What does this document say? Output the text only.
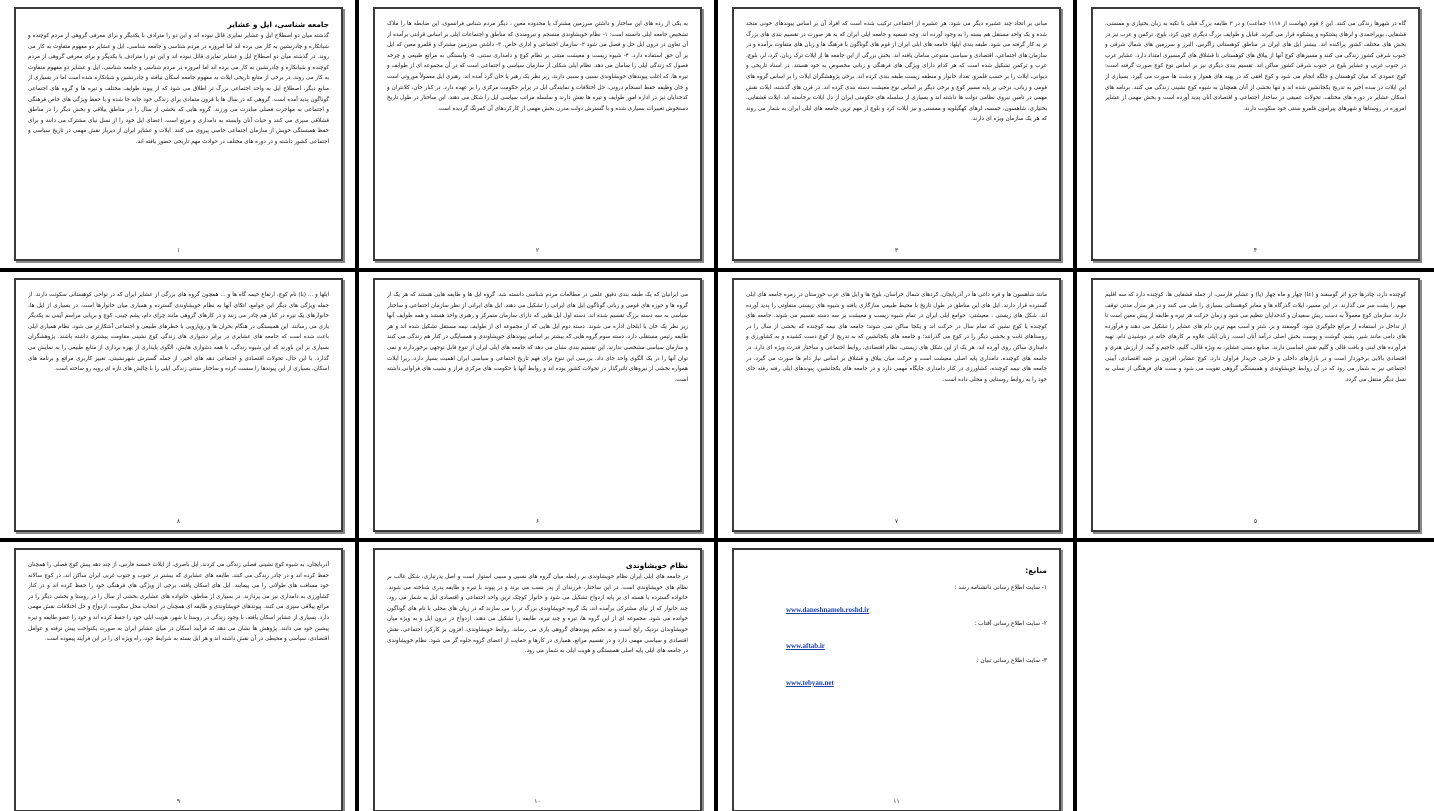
جامعه شناسی، ایل و عشایر

گذشته میان دو اصطلاح ایل و عشایر تمایزی قائل نبوده اند و این دو را مترادف با یکدیگر و برای معرفی گروهی از مردم کوچنده و شبانکاره و چادرنشین به کار می برده اند اما امروزه در مردم شناسی و جامعه شناسی، ایل و عشایر دو مفهوم متفاوت به کار می روند. در گذشته میان دو اصطلاح ایل و عشایر تمایزی قائل نبوده اند و این دو را مترادف با یکدیگر و برای معرفی گروهی از مردم کوچنده و شبانکاره و چادرنشین به کار می برده اند اما امروزه در مردم شناسی و جامعه شناسی، ایل و عشایر دو مفهوم متفاوت به کار می روند. در برخی از منابع تاریخی ایلات به مفهوم جامعه اسکان نیافته و چادرنشین و شبانکاره شده است اما در بسیاری از منابع دیگر، اصطلاح ایل به واحد اجتماعی بزرگ تر اطلاق می شود که از پیوند طوایف مختلف و تیره ها و گروه های اجتماعی گوناگون پدید آمده است. گروهی که در سال ها یا قرون متمادی برای زندگی خود جابه جا شده و با حفظ ویژگی های خاص فرهنگی و اجتماعی به مهاجرت فصلی مبادرت می ورزند. گروه هایی که بخشی از سال را در مناطق ییلاقی و بخش دیگر را در مناطق قشلاقی سپری می کنند و حیات آنان وابسته به دامداری و مرتع است. اعضای ایل خود را از نسل نیای مشترک می دانند و برای حفظ همبستگی خویش از سازمان اجتماعی خاصی پیروی می کنند. ایلات و عشایر ایران از دیرباز نقش مهمی در تاریخ سیاسی و اجتماعی کشور داشته و در دوره های مختلف در حوادث مهم تاریخی حضور یافته اند.

۱

به یکی از رده های این ساختار و داشتن سرزمین مشترک یا محدوده معین ، دیگر مردم شناس فرانسوی، این ضابطه ها را ملاک تشخیص جامعه ایلی دانسته است: ۱- نظام خویشاوندی منسجم و نیرومندی که مناطق و اجتماعات ایلی بر اساس قرابتی برآمده از آن تعاون در درون ایل حل و فصل می شود ۲- سازمان اجتماعی و اداری خاص. ۳- داشتن سرزمین مشترک و قلمرو معین که ایل بر آن حق استفاده دارد. ۴- شیوه زیست و معیشت مبتنی بر نظام کوچ و دامداری سنتی. ۵- وابستگی به مراتع طبیعی و چرخه فصول که زندگی ایلی را سامان می دهد. نظام ایلی شکلی از سازمان سیاسی و اجتماعی است که در آن مجموعه ای از طوایف و تیره ها، که اغلب پیوندهای خویشاوندی نسبی و سببی دارند، زیر نظر یک رهبر یا خان گرد آمده اند. رهبری ایل معمولاً موروثی است و خان وظیفه حفظ انسجام درونی، حل اختلافات و نمایندگی ایل در برابر حکومت مرکزی را بر عهده دارد. در کنار خان، کلانتران و کدخدایان نیز در اداره امور طوایف و تیره ها نقش دارند و سلسله مراتب سیاسی ایل را شکل می دهند. این ساختار در طول تاریخ دستخوش تغییرات بسیاری شده و با گسترش دولت مدرن بخش مهمی از کارکردهای آن کمرنگ گردیده است.

۲

مبانی بر اتحاد چند عشیره دیگر می شود. هر عشیره از اجتماعی ترکیب شده است که افراد آن بر اساس پیوندهای خونی متحد شده و یک واحد مستقل هم بسته را به وجود آورده اند. وجه تسمیه و جامعه ایلی ایران که به هر صورت در تقسیم بندی های بزرگ تر به کار گرفته می شود. طبقه بندی ایلها: جامعه های ایلی ایران از قوم های گوناگون با فرهنگ ها و زبان های متفاوت برآمده و در سازمان های اجتماعی، اقتصادی و سیاسی متنوعی سامان یافته اند. بخش بزرگی از این جامعه ها از ایلات ترک زبان، کرد، لر، بلوچ، عرب و ترکمن تشکیل شده است که هر کدام دارای ویژگی های فرهنگی و زبانی مخصوص به خود هستند. در اسناد تاریخی و دیوانی، ایلات را بر حسب قلمرو، تعداد خانوار و منطقه زیست طبقه بندی کرده اند. برخی پژوهشگران ایلات را بر اساس گروه های قومی و زبانی، برخی بر پایه مسیر کوچ و برخی دیگر بر اساس نوع معیشت دسته بندی کرده اند. در قرن های گذشته، ایلات نقش مهمی در تامین نیروی نظامی دولت ها داشته اند و بسیاری از سلسله های حکومتی ایران از دل ایلات برخاسته اند. ایلات قشقایی، بختیاری، شاهسون، خمسه، لرهای کهگیلویه و ممسنی و نیز ایلات کرد و بلوچ از مهم ترین جامعه های ایلی ایران به شمار می روند که هر یک سازمان ویژه ای دارند.

۳

گاه در شهرها زندگی می کنند. این ۶ قوم (بهاست از ۱۱۱۸ جماعت) و در ۳ طایفه بزرگ قبلی با تکیه به زبان بختیاری و ممسنی، قشقایی، بویراحمدی و لرهای پشتکوه و پیشکوه قرار می گیرند. قبایل و طوایف بزرگ دیگری چون کرد، بلوچ، ترکمن و عرب نیز در بخش های مختلف کشور پراکنده اند. بیشتر ایل های ایران در مناطق کوهستانی زاگرس، البرز و سرزمین های شمال شرقی و جنوب شرقی کشور زندگی می کنند و مسیرهای کوچ آنها از ییلاق های کوهستانی تا قشلاق های گرمسیری امتداد دارد. عشایر عرب در جنوب غربی و عشایر بلوچ در جنوب شرقی کشور ساکن اند. تقسیم بندی دیگری نیز بر اساس نوع کوچ صورت گرفته است: کوچ عمودی که میان کوهستان و جلگه انجام می شود و کوچ افقی که در پهنه های هموار و دشت ها صورت می گیرد. بسیاری از این ایلات در سده اخیر به تدریج یکجانشین شده اند و تنها بخشی از آنان همچنان به شیوه کوچ نشینی زندگی می کنند. برنامه های اسکان عشایر در دوره های مختلف، تحولات عمیقی در ساختار اجتماعی و اقتصادی آنان پدید آورده است و بخش مهمی از عشایر امروزه در روستاها و شهرهای پیرامون قلمرو سنتی خود سکونت دارند.

۴

ایلها و ... (با) نام کوچ، ارتفاع خیمه گاه ها و ... همچون گروه های بزرگی از عشایر ایران که در نواحی کوهستانی سکونت دارند. از جمله ویژگی های دیگر این جوامع، اتکای آنها به نظام خویشاوندی گسترده و همیاری میان خانوارها است. در بسیاری از ایل ها، خانوارهای یک تیره در کنار هم چادر می زنند و در کارهای گروهی مانند چرای دام، پشم چینی، کوچ و برپایی مراسم آیینی به یکدیگر یاری می رسانند. این همبستگی در هنگام بحران ها و رویارویی با خطرهای طبیعی و اجتماعی آشکارتر می شود. نظام همیاری ایلی باعث شده است که جامعه های عشایری در برابر دشواری های زندگی کوچ نشینی مقاومت بیشتری داشته باشند. پژوهشگران بسیاری بر این باورند که این شیوه زندگی، با همه دشواری هایش، الگوی پایداری از بهره برداری از منابع طبیعی را به نمایش می گذارد. با این حال، تحولات اقتصادی و اجتماعی دهه های اخیر، از جمله گسترش شهرنشینی، تغییر کاربری مراتع و برنامه های اسکان، بسیاری از این پیوندها را سست کرده و ساختار سنتی زندگی ایلی را با چالش های تازه ای روبه رو ساخته است.

۸

می ایرانیان که یک طبقه بندی دقیق علمی در مطالعات مردم شناسی دانسته شد. گروه ایل ها و طایفه هایی هستند که هر یک از گروه ها و حوزه های قومی و زبانی گوناگون ایل های ایرانی را تشکیل می دهند. ایل های ایرانی از نظر سازمان اجتماعی و ساختار سیاسی به سه دسته بزرگ تقسیم شده اند. دسته اول ایل هایی که دارای سازمان متمرکز و رهبری واحد هستند و همه طوایف آنها زیر نظر یک خان یا ایلخان اداره می شوند. دسته دوم ایل هایی که از مجموعه ای از طوایف نیمه مستقل تشکیل شده اند و هر طایفه رئیس مستقلی دارد. دسته سوم گروه هایی که بیشتر بر اساس پیوندهای خویشاوندی و همسایگی در کنار هم زندگی می کنند و سازمان سیاسی مشخصی ندارند. این تقسیم بندی نشان می دهد که جامعه های ایلی ایران از تنوع قابل توجهی برخوردارند و نمی توان آنها را در یک الگوی واحد جای داد. بررسی این تنوع برای فهم تاریخ اجتماعی و سیاسی ایران اهمیت بسیار دارد، زیرا ایلات همواره بخشی از نیروهای تاثیرگذار در تحولات کشور بوده اند و روابط آنها با حکومت های مرکزی فراز و نشیب های فراوانی داشته است.

۶

مانند شاهسون ها و قره داغی ها در آذربایجان، کردهای شمال خراسان، بلوچ ها و ایل های عرب خوزستان در زمره جامعه های ایلی گسترده قرار دارند. ایل های این مناطق در طول تاریخ با محیط طبیعی سازگاری یافته و شیوه های زیستی متفاوتی را پدید آورده اند. شکل های زیستی ، معیشتی: جوامع ایلی ایران در تمام شیوه زیست و معیشت بر سه دسته تقسیم می شوند. جامعه های کوچنده یا کوچ نشین که تمام سال در حرکت اند و یکجا ساکن نمی شوند؛ جامعه های نیمه کوچنده که بخشی از سال را در روستاهای ثابت و بخشی دیگر را در کوچ می گذرانند؛ و جامعه های یکجانشین که به تدریج از کوچ دست کشیده و به کشاورزی و دامداری ساکن روی آورده اند. هر یک از این شکل های زیستی، نظام اقتصادی، روابط اجتماعی و ساختار قدرت ویژه ای دارد. در جامعه های کوچنده، دامداری پایه اصلی معیشت است و حرکت میان ییلاق و قشلاق بر اساس نیاز دام ها صورت می گیرد. در جامعه های نیمه کوچنده، کشاورزی در کنار دامداری جایگاه مهمی دارد و در جامعه های یکجانشین، پیوندهای ایلی رفته رفته جای خود را به روابط روستایی و محلی داده است.

۷

کوچنده دارد، چادرها جزو اثر گوسفند و (عا) چهار و ماه چهار (پا) و عشایر فارسی، از جمله قشقایی ها، کوچنده دارد که سه اقلیم مهم را پشت سر می گذارند. در این مسیر، ایلات گذرگاه ها و معابر کوهستانی بسیاری را طی می کنند و در هر منزل مدتی توقف دارند. سازمان کوچ معمولاً به دست ریش سفیدان و کدخدایان تنظیم می شود و زمان حرکت هر تیره و طایفه از پیش معین است تا از تداخل در استفاده از مراتع جلوگیری شود. گوسفند و بز، شتر و اسب مهم ترین دام های عشایر را تشکیل می دهند و فرآورده های دامی مانند شیر، پشم، گوشت و پوست بخش اصلی درآمد آنان است. زنان ایلی علاوه بر کارهای خانه در دوشیدن دام، تهیه فرآورده های لبنی و بافت قالی و گلیم نقش اساسی دارند. صنایع دستی عشایر، به ویژه قالی، گلیم، جاجیم و گبه، از ارزش هنری و اقتصادی بالایی برخوردار است و در بازارهای داخلی و خارجی خریدار فراوان دارد. کوچ عشایر، افزون بر جنبه اقتصادی، آیینی اجتماعی نیز به شمار می رود که در آن روابط خویشاوندی و همبستگی گروهی تقویت می شود و سنت های فرهنگی از نسلی به نسل دیگر منتقل می گردد.

۵

آذربایجان، به شیوه کوچ نشینی فصلی زندگی می کردند. ایل باصری، از ایلات خمسه فارس، از چند دهه پیش کوچ فصلی را همچنان حفظ کرده اند و در چادر زندگی می کنند. طایفه های عشایری که بیشتر در جنوب و جنوب غربی ایران ساکن اند، در کوچ سالانه خود مسافت های طولانی را می پیمایند. ایل های اسکان یافته، برخی از ویژگی های فرهنگی خود را حفظ کرده اند و در کنار کشاورزی به دامداری نیز می پردازند. در بسیاری از مناطق، خانواده های عشایری بخشی از سال را در روستا و بخشی دیگر را در مراتع ییلاقی سپری می کنند. پیوندهای خویشاوندی و طایفه ای همچنان در انتخاب محل سکونت، ازدواج و حل اختلافات نقش مهمی دارد. بسیاری از عشایر اسکان یافته، با وجود زندگی در روستا یا شهر، هویت ایلی خود را حفظ کرده اند و خود را عضو طایفه و تیره پیشین خود می دانند. پژوهش ها نشان می دهد که فرآیند اسکان در میان عشایر ایران به صورت یکنواخت پیش نرفته و عوامل اقتصادی، سیاسی و محیطی در آن نقش داشته اند و هر ایل بسته به شرایط خود، راه ویژه ای را در این فرآیند پیموده است.

۹
نظام خویشاوندی

در جامعه های ایلی ایران نظام خویشاوندی بر رابطه میان گروه های نسبی و سببی استوار است و اصل پدرتباری، شکل غالب بر نظام های خویشاوندی است. در این ساختار، فرزندان از پدر نسب می برند و در پیوند با تیره و طایفه پدری شناخته می شوند. خانواده گسترده یا هسته ای بر پایه ازدواج تشکیل می شود و خانوار کوچک ترین واحد اجتماعی و اقتصادی ایل به شمار می رود. چند خانوار که از نیای مشترکی برآمده اند، یک گروه خویشاوندی بزرگ تر را می سازند که در زبان های محلی با نام های گوناگون خوانده می شود. مجموعه ای از این گروه ها، تیره و چند تیره، طایفه را تشکیل می دهند. ازدواج در درون ایل و به ویژه میان خویشاوندان نزدیک رایج است و به تحکیم پیوندهای گروهی یاری می رساند. روابط خویشاوندی، افزون بر کارکرد اجتماعی، نقش اقتصادی و سیاسی مهمی دارد و در تقسیم مراتع، همیاری در کارها و حمایت از اعضای گروه جلوه گر می شود. نظام خویشاوندی در جامعه های ایلی پایه اصلی همبستگی و هویت ایلی به شمار می رود.

۱۰
منابع:
۱- سایت اطلاع رسانی دانشنامه رشد :
www.daneshnameh.roshd.ir
۲- سایت اطلاع رسانی آفتاب :
www.aftab.ir
۳- سایت اطلاع رسانی تبیان :
www.tebyan.net
۱۱
